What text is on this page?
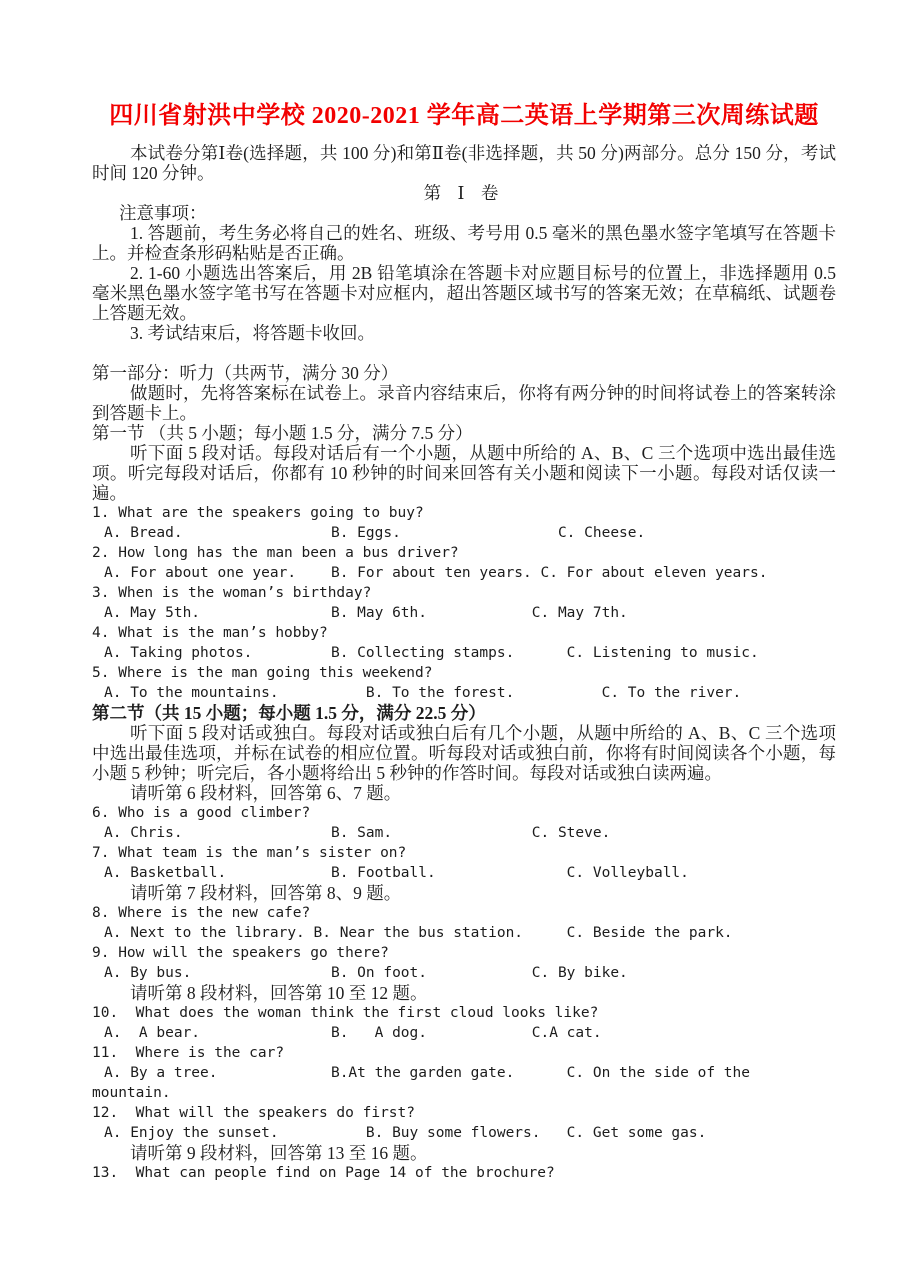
四川省射洪中学校 2020-2021 学年高二英语上学期第三次周练试题
本试卷分第Ⅰ卷(选择题，共 100 分)和第Ⅱ卷(非选择题，共 50 分)两部分。总分 150 分，考试时间 120 分钟。
第 Ⅰ 卷
注意事项：
1. 答题前，考生务必将自己的姓名、班级、考号用 0.5 毫米的黑色墨水签字笔填写在答题卡上。并检查条形码粘贴是否正确。
2. 1-60 小题选出答案后，用 2B 铅笔填涂在答题卡对应题目标号的位置上，非选择题用 0.5 毫米黑色墨水签字笔书写在答题卡对应框内，超出答题区域书写的答案无效；在草稿纸、试题卷上答题无效。
3. 考试结束后，将答题卡收回。
第一部分：听力（共两节，满分 30 分）
做题时，先将答案标在试卷上。录音内容结束后，你将有两分钟的时间将试卷上的答案转涂到答题卡上。
第一节 （共 5 小题；每小题 1.5 分，满分 7.5 分）
听下面 5 段对话。每段对话后有一个小题，从题中所给的 A、B、C 三个选项中选出最佳选项。听完每段对话后，你都有 10 秒钟的时间来回答有关小题和阅读下一小题。每段对话仅读一遍。
1. What are the speakers going to buy?
A. Bread.                 B. Eggs.                  C. Cheese.
2. How long has the man been a bus driver?
A. For about one year.    B. For about ten years. C. For about eleven years.
3. When is the woman’s birthday?
A. May 5th.               B. May 6th.            C. May 7th.
4. What is the man’s hobby?
A. Taking photos.         B. Collecting stamps.      C. Listening to music.
5. Where is the man going this weekend?
A. To the mountains.          B. To the forest.          C. To the river.
第二节（共 15 小题；每小题 1.5 分，满分 22.5 分）
听下面 5 段对话或独白。每段对话或独白后有几个小题，从题中所给的 A、B、C 三个选项中选出最佳选项，并标在试卷的相应位置。听每段对话或独白前，你将有时间阅读各个小题，每小题 5 秒钟；听完后，各小题将给出 5 秒钟的作答时间。每段对话或独白读两遍。
请听第 6 段材料，回答第 6、7 题。
6. Who is a good climber?
A. Chris.                 B. Sam.                C. Steve.
7. What team is the man’s sister on?
A. Basketball.            B. Football.               C. Volleyball.
请听第 7 段材料，回答第 8、9 题。
8. Where is the new cafe?
A. Next to the library. B. Near the bus station.     C. Beside the park.
9. How will the speakers go there?
A. By bus.                B. On foot.            C. By bike.
请听第 8 段材料，回答第 10 至 12 题。
10.  What does the woman think the first cloud looks like?
A.  A bear.               B.   A dog.            C.A cat.
11.  Where is the car?
A. By a tree.             B.At the garden gate.      C. On the side of the
mountain.
12.  What will the speakers do first?
A. Enjoy the sunset.          B. Buy some flowers.   C. Get some gas.
请听第 9 段材料，回答第 13 至 16 题。
13.  What can people find on Page 14 of the brochure?
